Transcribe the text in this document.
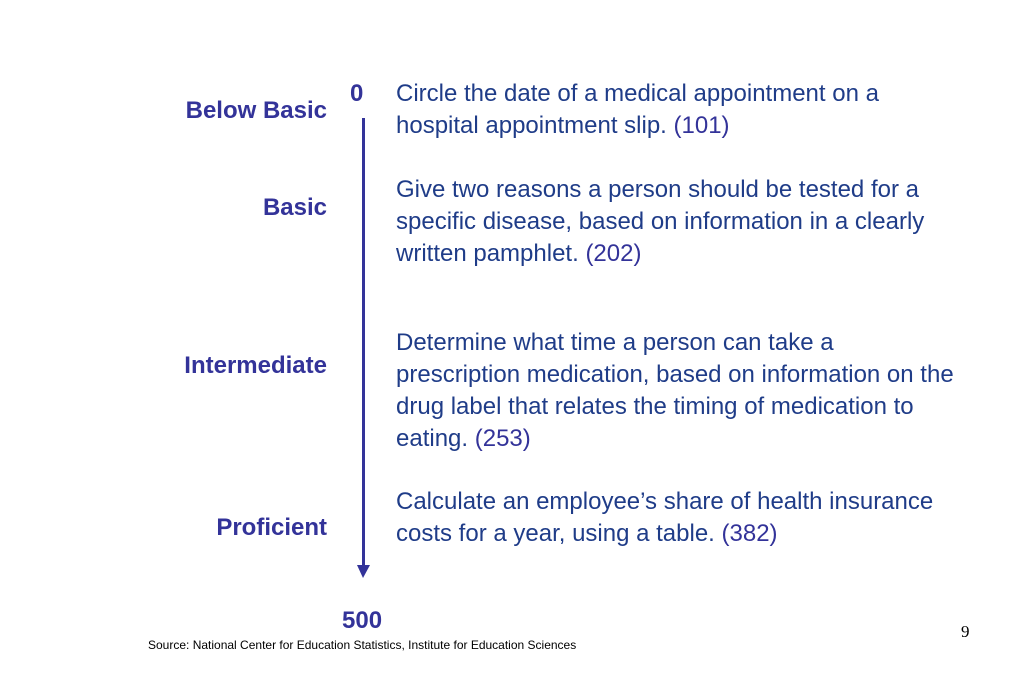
Below Basic
Basic
Intermediate
Proficient
0
500
Circle the date of a medical appointment on a hospital appointment slip. (101)
Give two reasons a person should be tested for a specific disease, based on information in a clearly written pamphlet. (202)
Determine what time a person can take a prescription medication, based on information on the drug label that relates the timing of medication to eating. (253)
Calculate an employee’s share of health insurance costs for a year, using a table. (382)
Source: National Center for Education Statistics, Institute for Education Sciences
9
